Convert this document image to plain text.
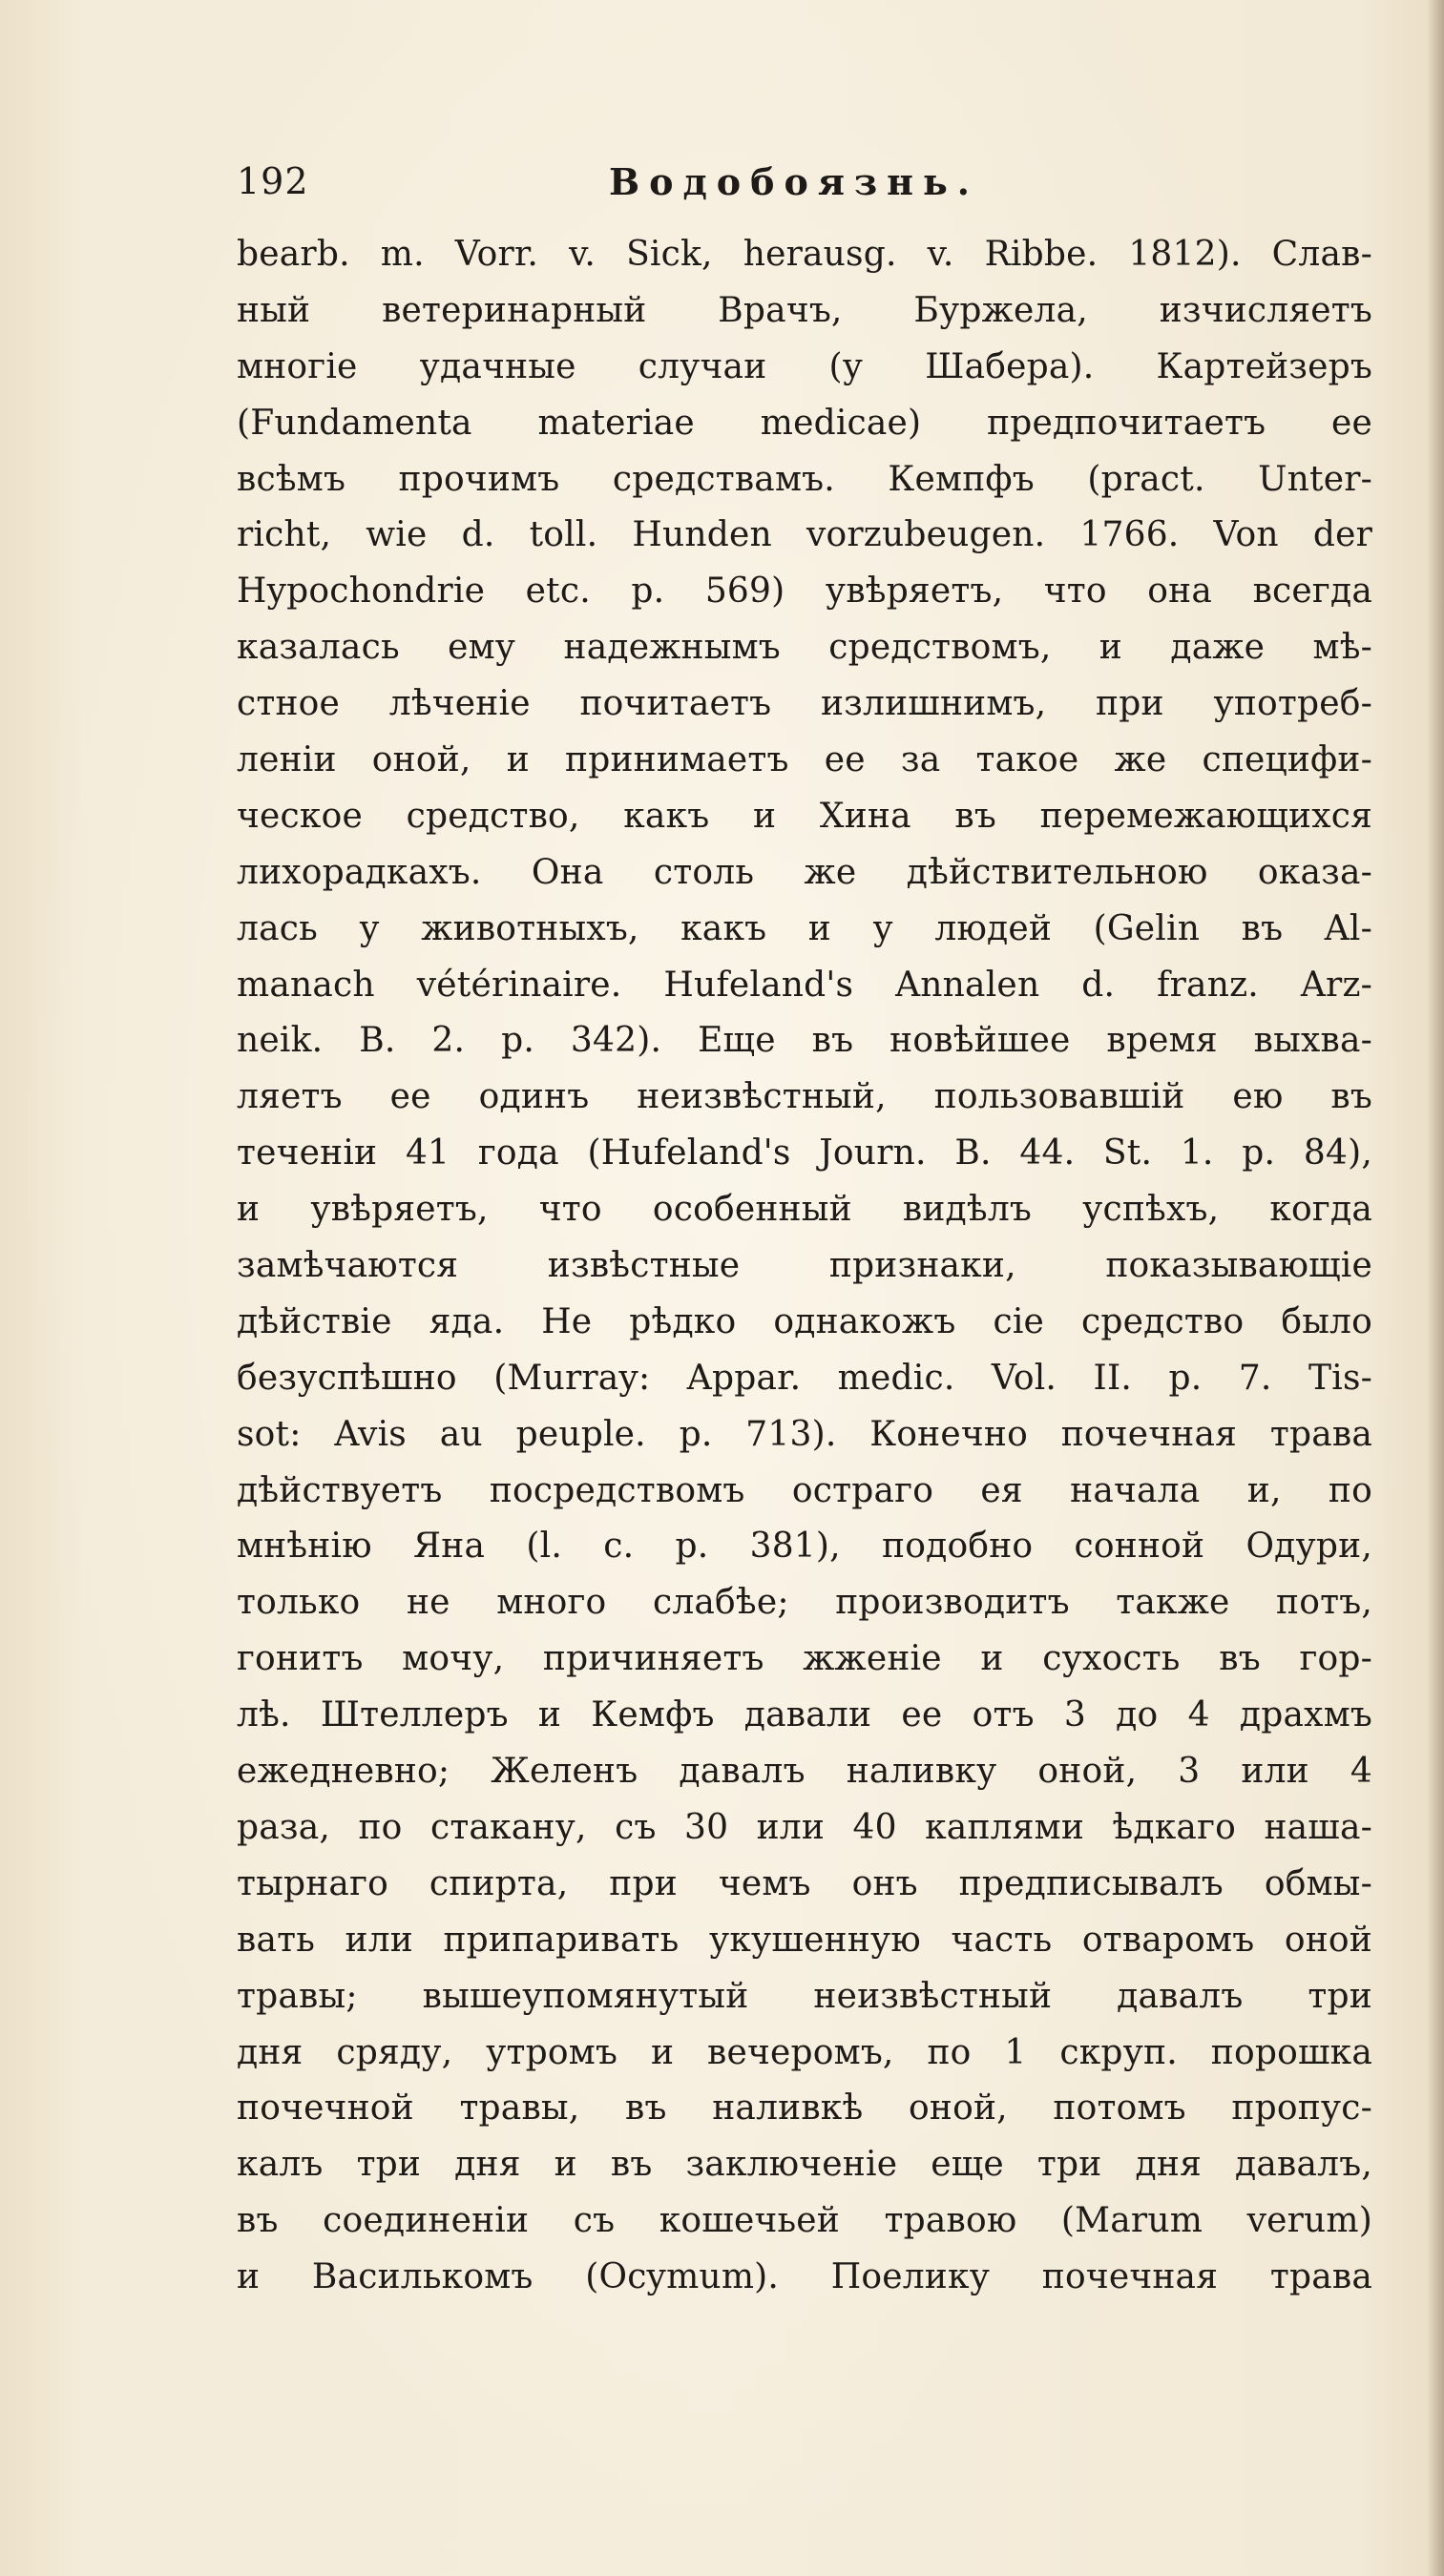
192	Водобоязнь.
bearb. m. Vorr. v. Sick, herausg. v. Ribbe. 1812). Слав-
ный ветеринарный Врачъ, Буржела, изчисляетъ
многіе удачные случаи (у Шабера). Картейзеръ
(Fundamenta materiae medicae) предпочитаетъ ее
всѣмъ прочимъ средствамъ. Кемпфъ (pract. Unter-
richt, wie d. toll. Hunden vorzubeugen. 1766. Von der
Hypochondrie etc. p. 569) увѣряетъ, что она всегда
казалась ему надежнымъ средствомъ, и даже мѣ-
стное лѣченіе почитаетъ излишнимъ, при употреб-
леніи оной, и принимаетъ ее за такое же специфи-
ческое средство, какъ и Хина въ перемежающихся
лихорадкахъ. Она столь же дѣйствительною оказа-
лась у животныхъ, какъ и у людей (Gelin въ Al-
manach vétérinaire. Hufeland's Annalen d. franz. Arz-
neik. B. 2. p. 342). Еще въ новѣйшее время выхва-
ляетъ ее одинъ неизвѣстный, пользовавшій ею въ
теченіи 41 года (Hufeland's Journ. B. 44. St. 1. p. 84),
и увѣряетъ, что особенный видѣлъ успѣхъ, когда
замѣчаются извѣстные признаки, показывающіе
дѣйствіе яда. Не рѣдко однакожъ сіе средство было
безуспѣшно (Murray: Appar. medic. Vol. II. p. 7. Tis-
sot: Avis au peuple. p. 713). Конечно почечная трава
дѣйствуетъ посредствомъ остраго ея начала и, по
мнѣнію Яна (l. c. p. 381), подобно сонной Одури,
только не много слабѣе; производитъ также потъ,
гонитъ мочу, причиняетъ жженіе и сухость въ гор-
лѣ. Штеллеръ и Кемфъ давали ее отъ 3 до 4 драхмъ
ежедневно; Желенъ давалъ наливку оной, 3 или 4
раза, по стакану, съ 30 или 40 каплями ѣдкаго наша-
тырнаго спирта, при чемъ онъ предписывалъ обмы-
вать или припаривать укушенную часть отваромъ оной
травы; вышеупомянутый неизвѣстный давалъ три
дня сряду, утромъ и вечеромъ, по 1 скруп. порошка
почечной травы, въ наливкѣ оной, потомъ пропус-
калъ три дня и въ заключеніе еще три дня давалъ,
въ соединеніи съ кошечьей травою (Marum verum)
и Василькомъ (Ocymum). Поелику почечная трава
